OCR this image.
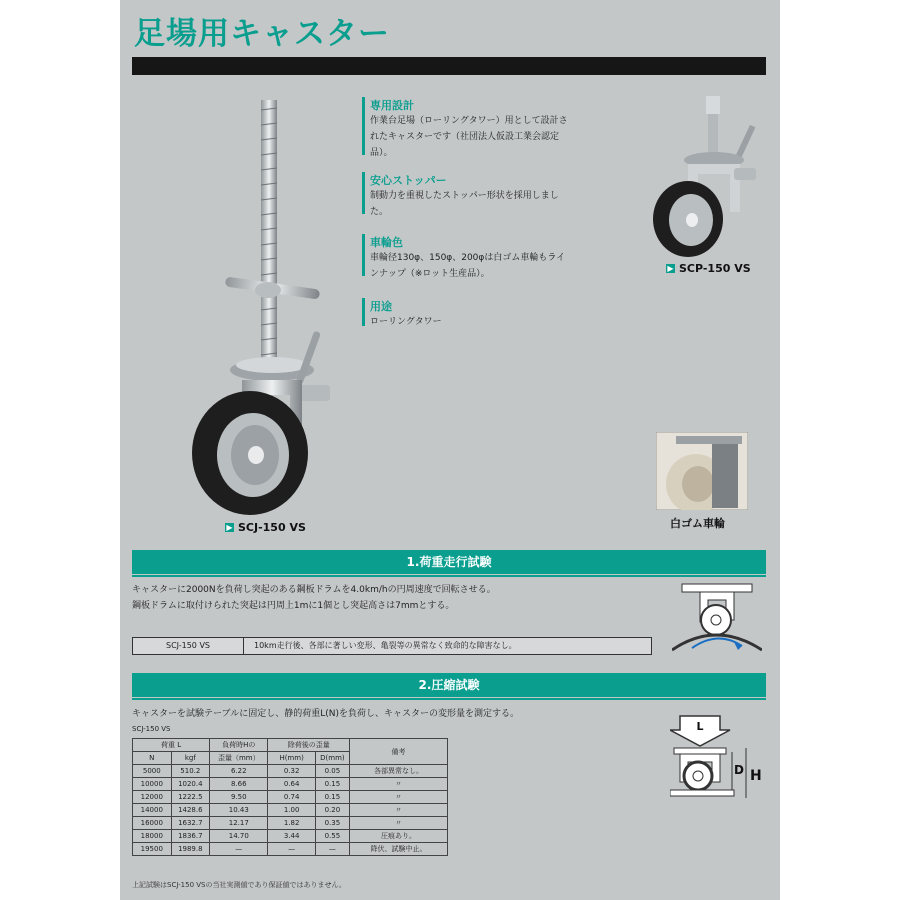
足場用キャスター
▶ SCJ-150 VS
専用設計
作業台足場（ローリングタワー）用として設計さ
れたキャスターです（社団法人仮設工業会認定
品）。
安心ストッパー
制動力を重視したストッパー形状を採用しまし
た。
車輪色
車輪径130φ、150φ、200φは白ゴム車輪もライ
ンナップ（※ロット生産品）。
用途
ローリングタワー
▶ SCP-150 VS
白ゴム車輪
1.荷重走行試験
キャスターに2000Nを負荷し突起のある鋼板ドラムを4.0km/hの円周速度で回転させる。
鋼板ドラムに取付けられた突起は円周上1mに1個とし突起高さは7mmとする。
SCJ-150 VS	10km走行後、各部に著しい変形、亀裂等の異常なく致命的な障害なし。
2.圧縮試験
キャスターを試験テーブルに固定し、静的荷重L(N)を負荷し、キャスターの変形量を測定する。
SCJ-150 VS
荷重 L		負荷時Hの	除荷後の歪量		備考
N	kgf	歪量（mm）	H(mm)	D(mm)	
5000	510.2	6.22	0.32	0.05	各部異常なし。
10000	1020.4	8.66	0.64	0.15	〃
12000	1222.5	9.50	0.74	0.15	〃
14000	1428.6	10.43	1.00	0.20	〃
16000	1632.7	12.17	1.82	0.35	〃
18000	1836.7	14.70	3.44	0.55	圧痕あり。
19500	1989.8	—	—	—	降伏、試験中止。
L
D H
上記試験はSCJ-150 VSの当社実測値であり保証値ではありません。
